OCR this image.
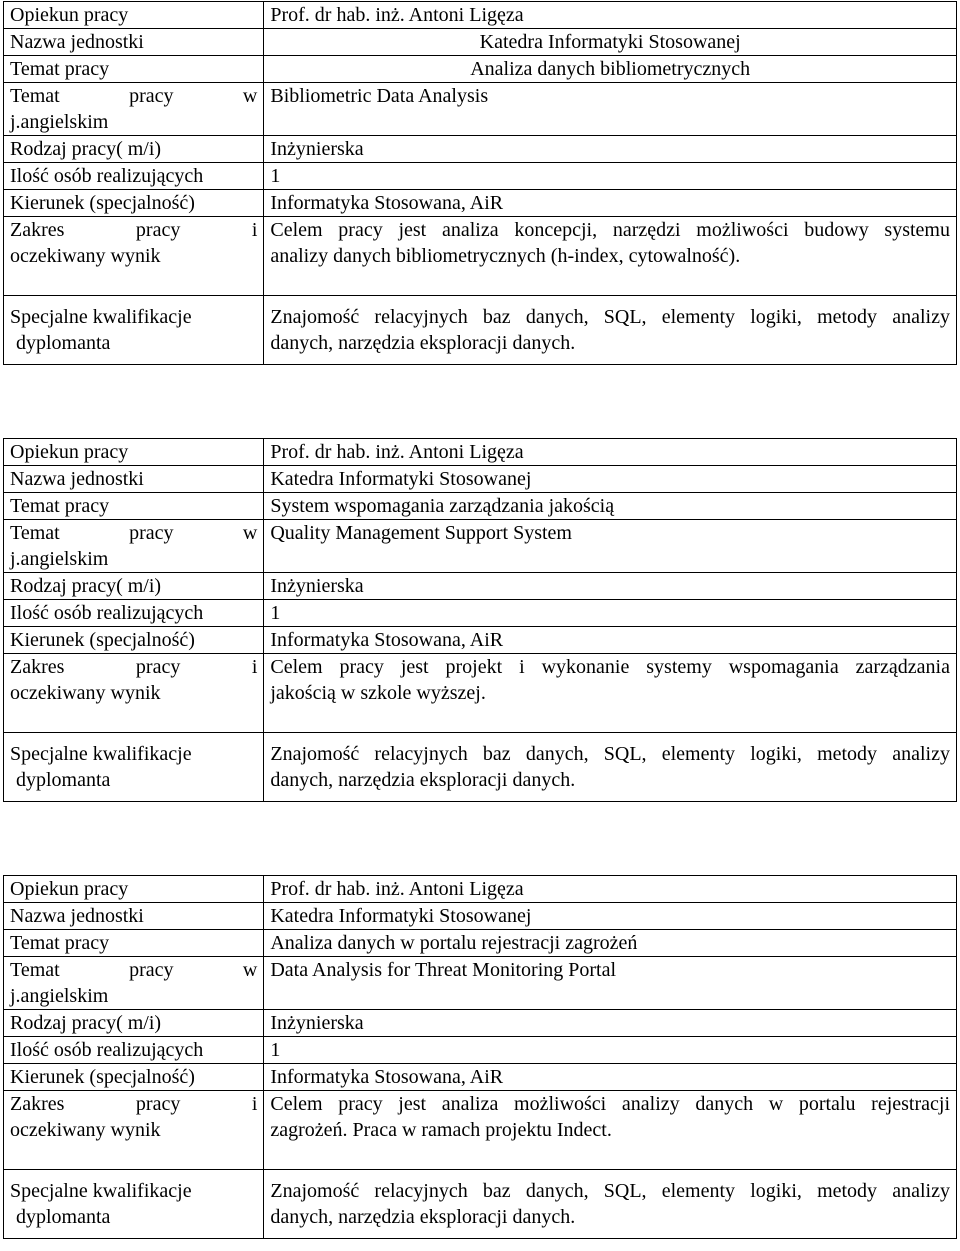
Opiekun pracy	Prof. dr hab. inż. Antoni Ligęza
Nazwa jednostki	Katedra Informatyki Stosowanej
Temat pracy	Analiza danych bibliometrycznych

Temat pracy w
j.angielskim	Bibliometric Data Analysis
Rodzaj pracy( m/i)	Inżynierska
Ilość osób realizujących	1
Kierunek (specjalność)	Informatyka Stosowana, AiR

Zakres pracy i
oczekiwany wynik	Celem pracy jest analiza koncepcji, narzędzi możliwości budowy systemu
analizy danych bibliometrycznych (h-index, cytowalność).

Specjalne kwalifikacje
dyplomanta	Znajomość relacyjnych baz danych, SQL, elementy logiki, metody analizy
danych, narzędzia eksploracji danych.
Opiekun pracy	Prof. dr hab. inż. Antoni Ligęza
Nazwa jednostki	Katedra Informatyki Stosowanej
Temat pracy	System wspomagania zarządzania jakością

Temat pracy w
j.angielskim	Quality Management Support System
Rodzaj pracy( m/i)	Inżynierska
Ilość osób realizujących	1
Kierunek (specjalność)	Informatyka Stosowana, AiR

Zakres pracy i
oczekiwany wynik	Celem pracy jest projekt i wykonanie systemy wspomagania zarządzania
jakością w szkole wyższej.

Specjalne kwalifikacje
dyplomanta	Znajomość relacyjnych baz danych, SQL, elementy logiki, metody analizy
danych, narzędzia eksploracji danych.
Opiekun pracy	Prof. dr hab. inż. Antoni Ligęza
Nazwa jednostki	Katedra Informatyki Stosowanej
Temat pracy	Analiza danych w portalu rejestracji zagrożeń

Temat pracy w
j.angielskim	Data Analysis for Threat Monitoring Portal
Rodzaj pracy( m/i)	Inżynierska
Ilość osób realizujących	1
Kierunek (specjalność)	Informatyka Stosowana, AiR

Zakres pracy i
oczekiwany wynik	Celem pracy jest analiza możliwości analizy danych w portalu rejestracji
zagrożeń. Praca w ramach projektu Indect.

Specjalne kwalifikacje
dyplomanta	Znajomość relacyjnych baz danych, SQL, elementy logiki, metody analizy
danych, narzędzia eksploracji danych.
